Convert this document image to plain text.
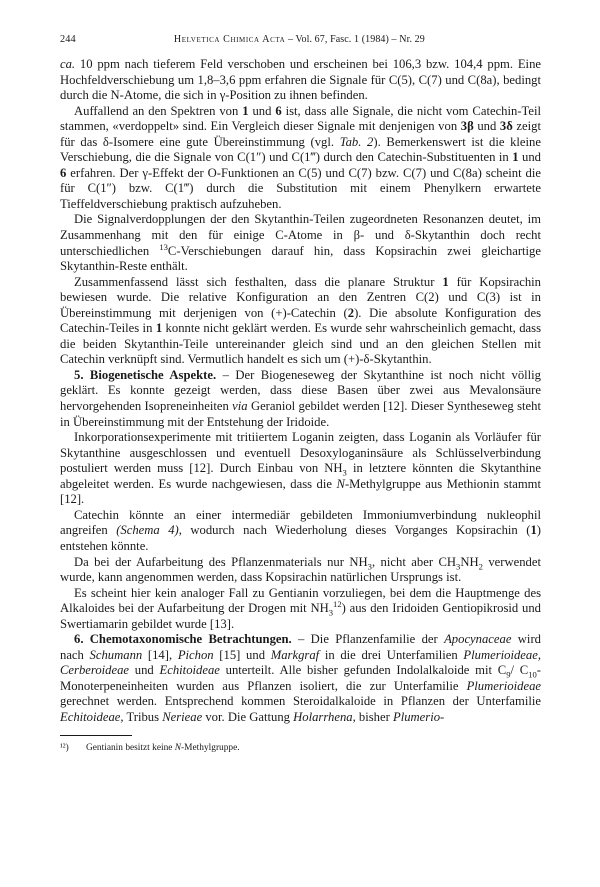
244	Helvetica Chimica Acta – Vol. 67, Fasc. 1 (1984) – Nr. 29

ca. 10 ppm nach tieferem Feld verschoben und erscheinen bei 106,3 bzw. 104,4 ppm. Eine Hochfeldverschiebung um 1,8–3,6 ppm erfahren die Signale für C(5), C(7) und C(8a), bedingt durch die N-Atome, die sich in γ-Position zu ihnen befinden.

Auffallend an den Spektren von 1 und 6 ist, dass alle Signale, die nicht vom Catechin-Teil stammen, «verdoppelt» sind. Ein Vergleich dieser Signale mit denjenigen von 3β und 3δ zeigt für das δ-Isomere eine gute Übereinstimmung (vgl. Tab. 2). Bemerkenswert ist die kleine Verschiebung, die die Signale von C(1″) und C(1‴) durch den Catechin-Substituenten in 1 und 6 erfahren. Der γ-Effekt der O-Funktionen an C(5) und C(7) bzw. C(7) und C(8a) scheint die für C(1″) bzw. C(1‴) durch die Substitution mit einem Phenylkern erwartete Tieffeldverschiebung praktisch aufzuheben.

Die Signalverdopplungen der den Skytanthin-Teilen zugeordneten Resonanzen deutet, im Zusammenhang mit den für einige C-Atome in β- und δ-Skytanthin doch recht unterschiedlichen $^{13}$C-Verschiebungen darauf hin, dass Kopsirachin zwei gleichartige Skytanthin-Reste enthält.

Zusammenfassend lässt sich festhalten, dass die planare Struktur 1 für Kopsirachin bewiesen wurde. Die relative Konfiguration an den Zentren C(2) und C(3) ist in Übereinstimmung mit derjenigen von (+)-Catechin (2). Die absolute Konfiguration des Catechin-Teiles in 1 konnte nicht geklärt werden. Es wurde sehr wahrscheinlich gemacht, dass die beiden Skytanthin-Teile untereinander gleich sind und an den gleichen Stellen mit Catechin verknüpft sind. Vermutlich handelt es sich um (+)-δ-Skytanthin.

5. Biogenetische Aspekte. – Der Biogeneseweg der Skytanthine ist noch nicht völlig geklärt. Es konnte gezeigt werden, dass diese Basen über zwei aus Mevalonsäure hervorgehenden Isopreneinheiten via Geraniol gebildet werden [12]. Dieser Syntheseweg steht in Übereinstimmung mit der Entstehung der Iridoide.

Inkorporationsexperimente mit tritiiertem Loganin zeigten, dass Loganin als Vorläufer für Skytanthine ausgeschlossen und eventuell Desoxyloganinsäure als Schlüsselverbindung postuliert werden muss [12]. Durch Einbau von $NH_3$ in letztere könnten die Skytanthine abgeleitet werden. Es wurde nachgewiesen, dass die N-Methylgruppe aus Methionin stammt [12].

Catechin könnte an einer intermediär gebildeten Immoniumverbindung nukleophil angreifen (Schema 4), wodurch nach Wiederholung dieses Vorganges Kopsirachin (1) entstehen könnte.

Da bei der Aufarbeitung des Pflanzenmaterials nur $NH_3$, nicht aber $CH_3NH_2$ verwendet wurde, kann angenommen werden, dass Kopsirachin natürlichen Ursprungs ist.

Es scheint hier kein analoger Fall zu Gentianin vorzuliegen, bei dem die Hauptmenge des Alkaloides bei der Aufarbeitung der Drogen mit $NH_3^{12}$) aus den Iridoiden Gentiopikrosid und Swertiamarin gebildet wurde [13].

6. Chemotaxonomische Betrachtungen. – Die Pflanzenfamilie der Apocynaceae wird nach Schumann [14], Pichon [15] und Markgraf in die drei Unterfamilien Plumerioideae, Cerberoideae und Echitoideae unterteilt. Alle bisher gefunden Indolalkaloide mit $C_9/$ $C_{10}$-Monoterpeneinheiten wurden aus Pflanzen isoliert, die zur Unterfamilie Plumerioideae gerechnet werden. Entsprechend kommen Steroidalkaloide in Pflanzen der Unterfamilie Echitoideae, Tribus Nerieae vor. Die Gattung Holarrhena, bisher Plumerio-

¹²) Gentianin besitzt keine N-Methylgruppe.
